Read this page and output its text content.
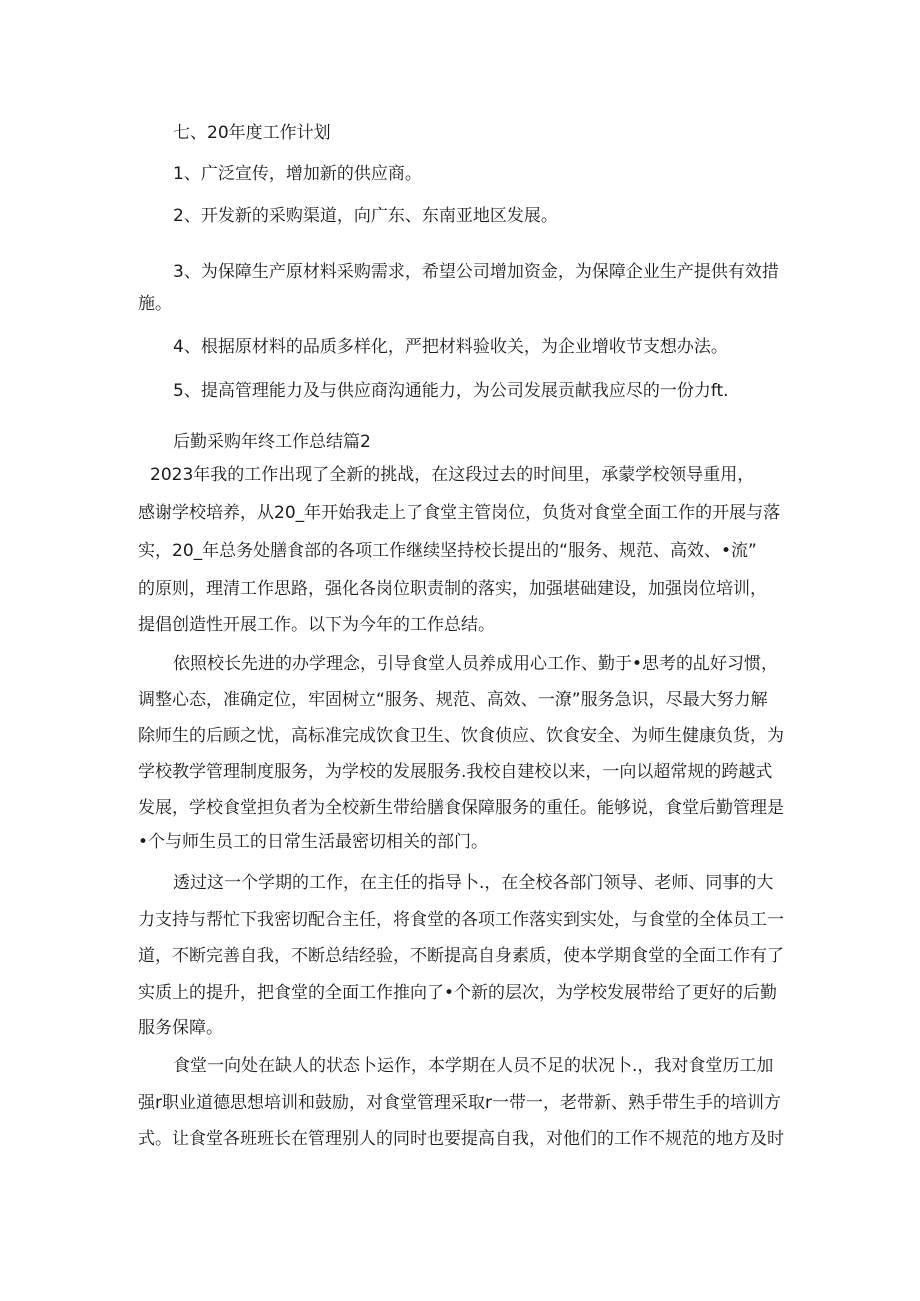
七、20年度工作计划
1、广泛宣传，增加新的供应商。
2、开发新的采购渠道，向广东、东南亚地区发展。
3、为保障生产原材料采购需求，希望公司增加资金，为保障企业生产提供有效措
施。
4、根据原材料的品质多样化，严把材料验收关，为企业增收节支想办法。
5、提高管理能力及与供应商沟通能力，为公司发展贡献我应尽的一份力ft.
后勤采购年终工作总结篇2
2023年我的工作出现了全新的挑战，在这段过去的时间里，承蒙学校领导重用，
感谢学校培养，从20_年开始我走上了食堂主管岗位，负货对食堂全面工作的开展与落
实，20_年总务处膳食部的各项工作继续坚持校长提出的“服务、规范、高效、•流”
的原则，理清工作思路，强化各岗位职责制的落实，加强堪础建设，加强岗位培训，
提倡创造性开展工作。以下为今年的工作总结。
依照校长先进的办学理念，引导食堂人员养成用心工作、勤于•思考的乩好习惯，
调整心态，准确定位，牢固树立“服务、规范、高效、一潦”服务急识，尽最大努力解
除师生的后顾之忧，高标准完成饮食卫生、饮食侦应、饮食安全、为师生健康负货，为
学校教学管理制度服务，为学校的发展服务.我校自建校以来，一向以超常规的跨越式
发展，学校食堂担负者为全校新生带给膳食保障服务的重任。能够说，食堂后勤管理是
•个与师生员工的日常生活最密切相关的部门。
透过这一个学期的工作，在主任的指导卜.，在全校各部门领导、老师、同事的大
力支持与帮忙下我密切配合主任，将食堂的各项工作落实到实处，与食堂的全体员工一
道，不断完善自我，不断总结经验，不断提高自身素质，使本学期食堂的全面工作有了
实质上的提升，把食堂的全面工作推向了•个新的层次，为学校发展带给了更好的后勤
服务保障。
食堂一向处在缺人的状态卜运作，本学期在人员不足的状况卜.，我对食堂历工加
强r职业道德思想培训和鼓励，对食堂管理采取r一带一，老带新、熟手带生手的培训方
式。让食堂各班班长在管理别人的同时也要提高自我，对他们的工作不规范的地方及时
